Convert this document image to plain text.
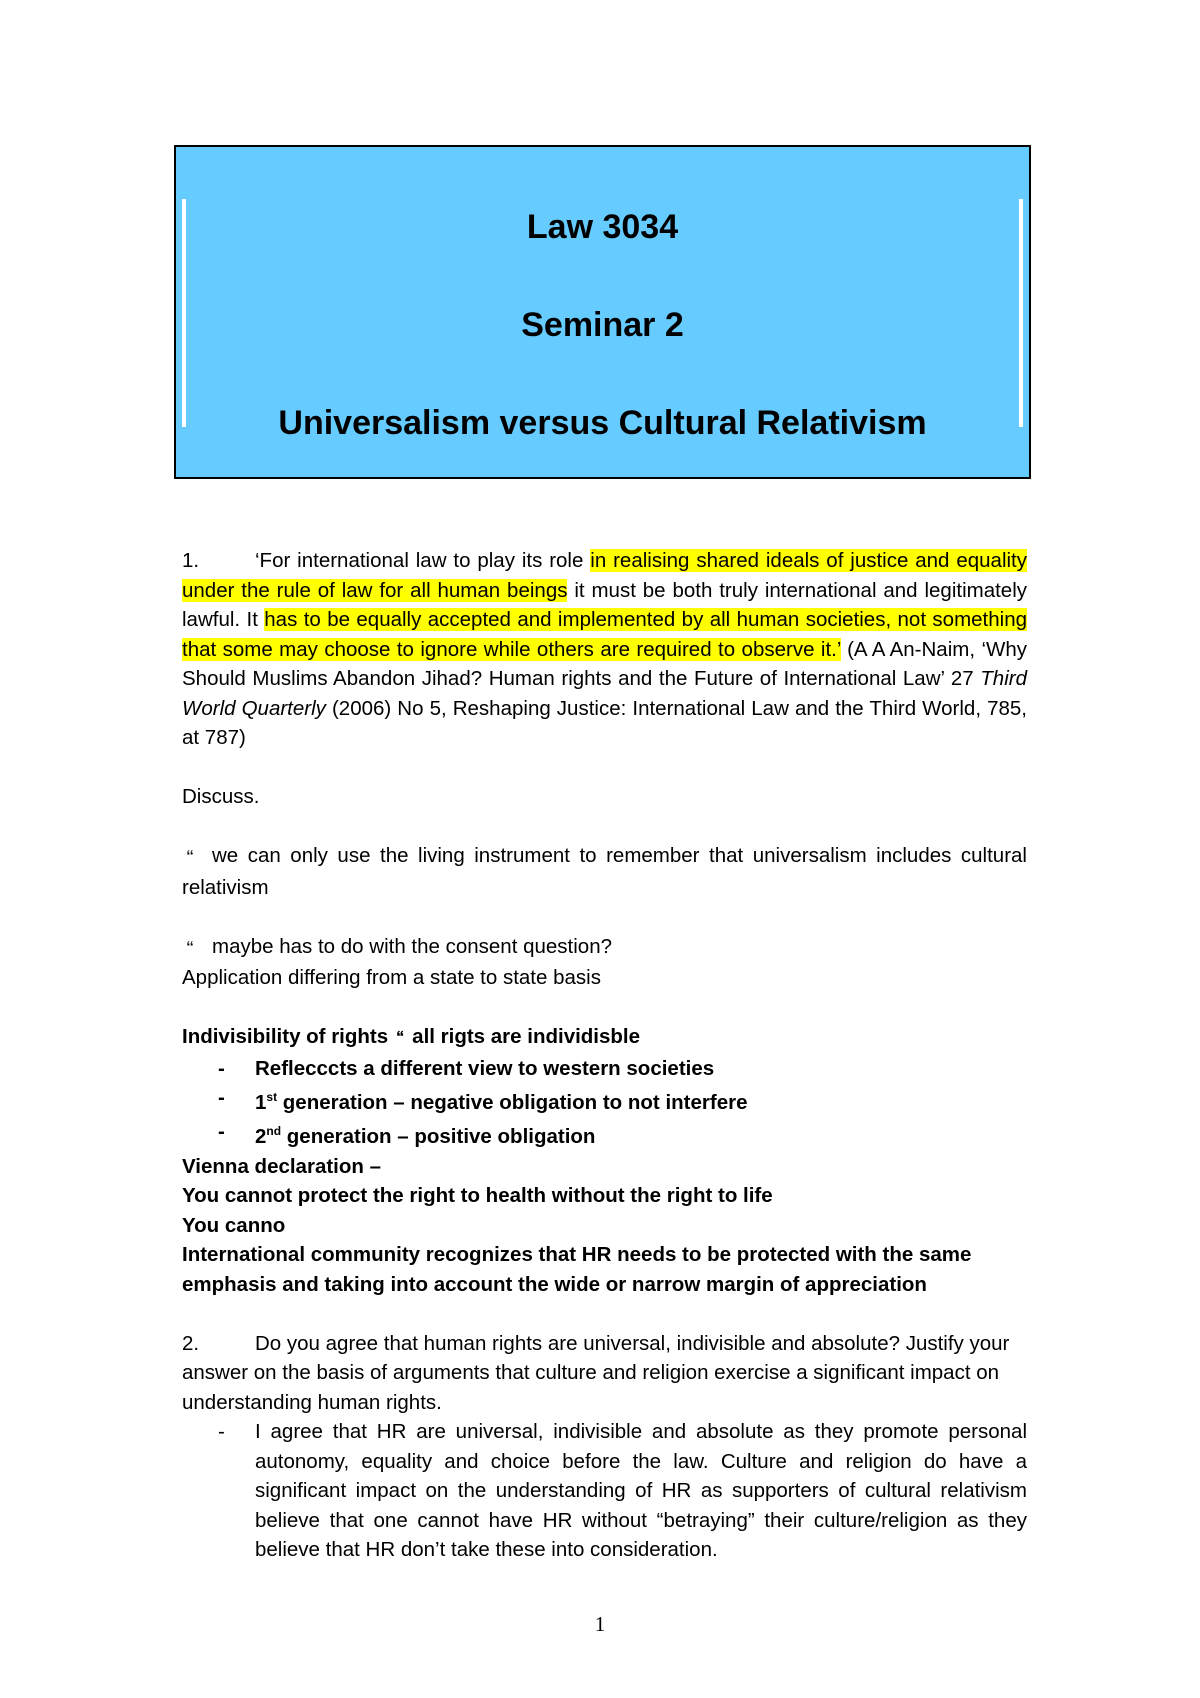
Law 3034
Seminar 2
Universalism versus Cultural Relativism

1.	‘For international law to play its role in realising shared ideals of justice and equality under the rule of law for all human beings it must be both truly international and legitimately lawful. It has to be equally accepted and implemented by all human societies, not something that some may choose to ignore while others are required to observe it.’ (A A An-Naim, ‘Why Should Muslims Abandon Jihad? Human rights and the Future of International Law’ 27 Third World Quarterly (2006) No 5, Reshaping Justice: International Law and the Third World, 785, at 787)

Discuss.

🙶 we can only use the living instrument to remember that universalism includes cultural relativism

🙶 maybe has to do with the consent question?

Application differing from a state to state basis

Indivisibility of rights 🙶 all rigts are individisble

- Reflecccts a different view to western societies
- 1st generation – negative obligation to not interfere
- 2nd generation – positive obligation

Vienna declaration –

You cannot protect the right to health without the right to life

You canno

International community recognizes that HR needs to be protected with the same emphasis and taking into account the wide or narrow margin of appreciation

2.	Do you agree that human rights are universal, indivisible and absolute? Justify your answer on the basis of arguments that culture and religion exercise a significant impact on understanding human rights.

- I agree that HR are universal, indivisible and absolute as they promote personal autonomy, equality and choice before the law. Culture and religion do have a significant impact on the understanding of HR as supporters of cultural relativism believe that one cannot have HR without “betraying” their culture/religion as they believe that HR don’t take these into consideration.
1
